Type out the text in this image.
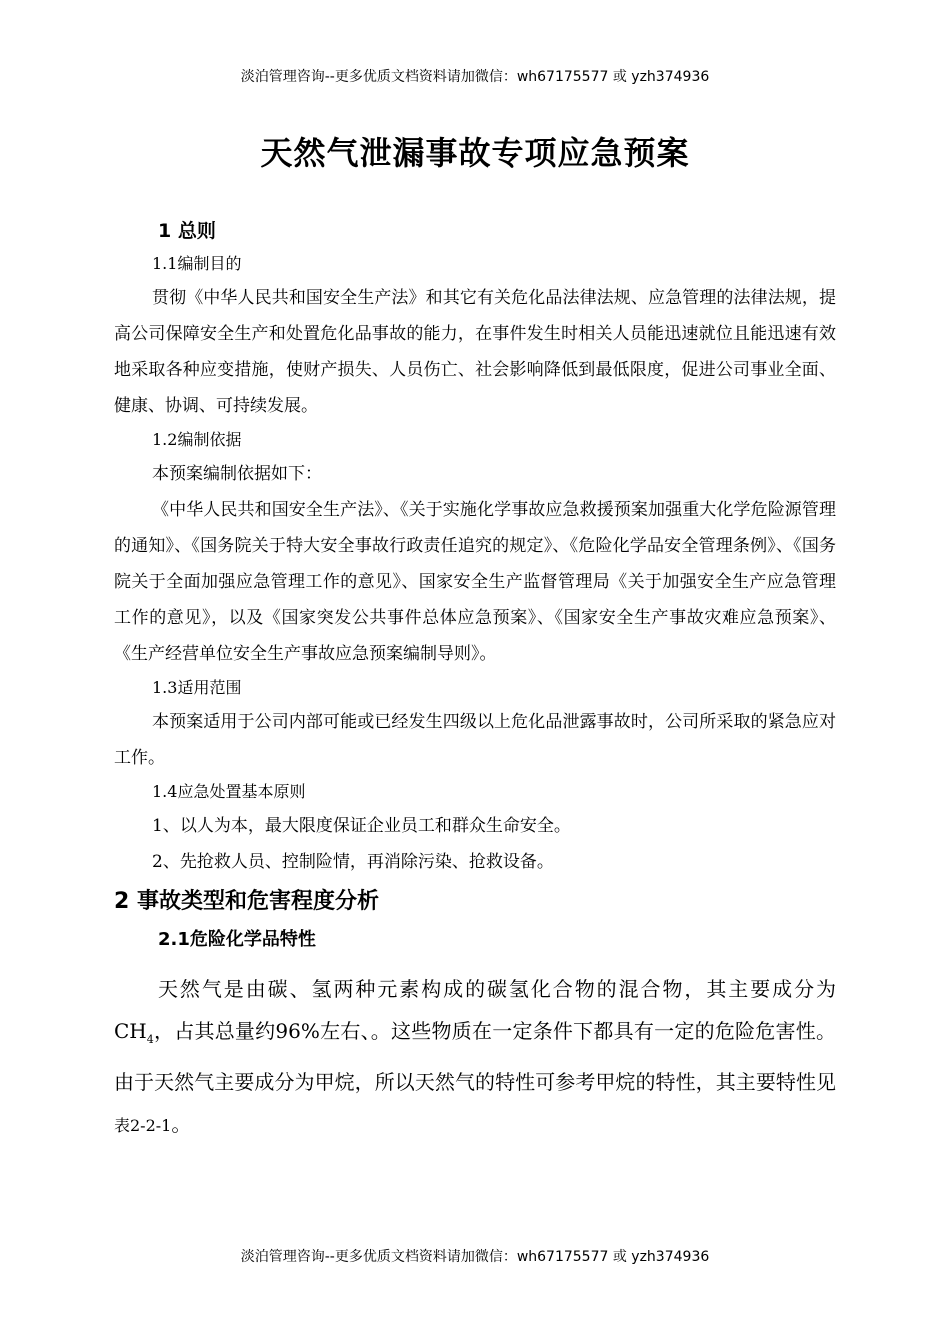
淡泊管理咨询--更多优质文档资料请加微信：wh67175577 或 yzh374936
天然气泄漏事故专项应急预案
1 总则
1.1编制目的

贯彻《中华人民共和国安全生产法》和其它有关危化品法律法规、应急管理的法律法规，提高公司保障安全生产和处置危化品事故的能力，在事件发生时相关人员能迅速就位且能迅速有效地采取各种应变措施，使财产损失、人员伤亡、社会影响降低到最低限度，促进公司事业全面、健康、协调、可持续发展。

1.2编制依据

本预案编制依据如下：

《中华人民共和国安全生产法》、《关于实施化学事故应急救援预案加强重大化学危险源管理的通知》、《国务院关于特大安全事故行政责任追究的规定》、《危险化学品安全管理条例》、《国务院关于全面加强应急管理工作的意见》、国家安全生产监督管理局《关于加强安全生产应急管理工作的意见》，以及《国家突发公共事件总体应急预案》、《国家安全生产事故灾难应急预案》、《生产经营单位安全生产事故应急预案编制导则》。

1.3适用范围

本预案适用于公司内部可能或已经发生四级以上危化品泄露事故时，公司所采取的紧急应对工作。

1.4应急处置基本原则

1、以人为本，最大限度保证企业员工和群众生命安全。

2、先抢救人员、控制险情，再消除污染、抢救设备。

2 事故类型和危害程度分析
2.1危险化学品特性

天然气是由碳、氢两种元素构成的碳氢化合物的混合物，其主要成分为$CH_4$，占其总量约96%左右、。这些物质在一定条件下都具有一定的危险危害性。由于天然气主要成分为甲烷，所以天然气的特性可参考甲烷的特性，其主要特性见表2-2-1。

淡泊管理咨询--更多优质文档资料请加微信：wh67175577 或 yzh374936
